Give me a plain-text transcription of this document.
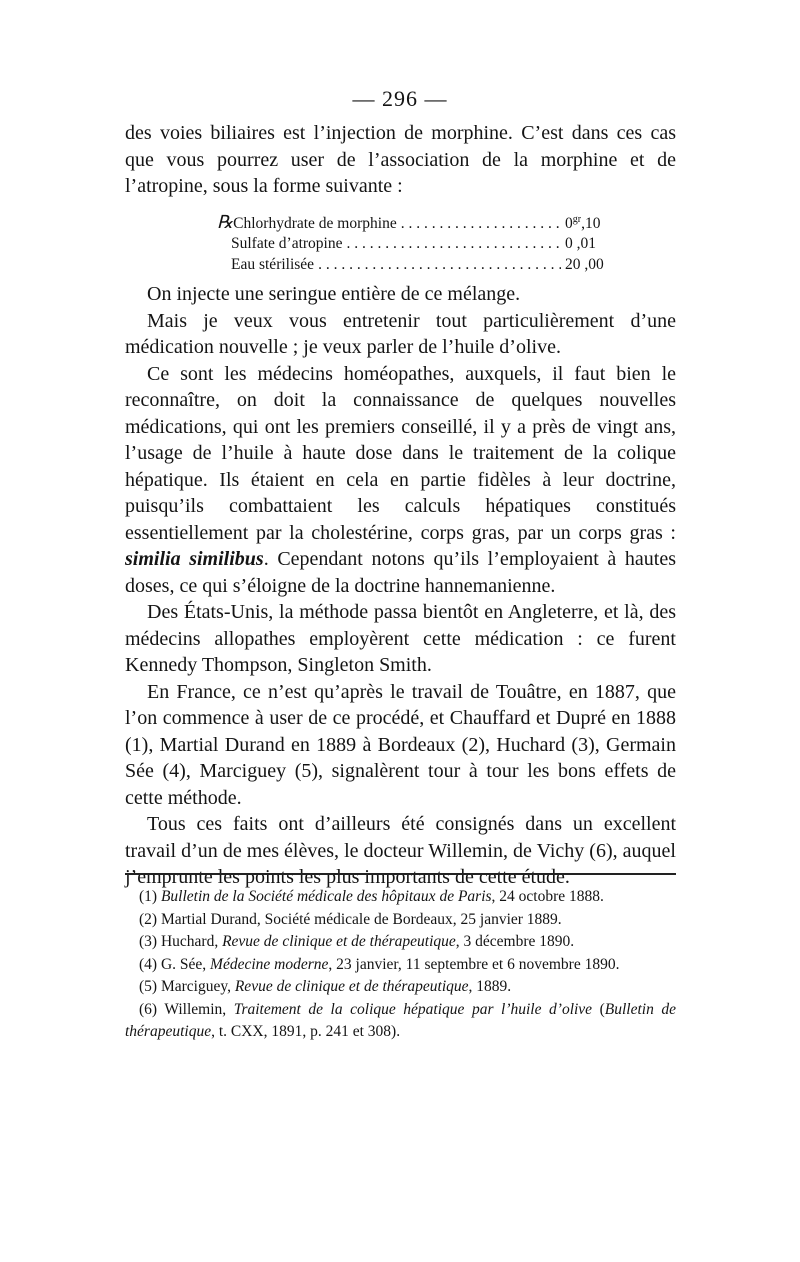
— 296 —

des voies biliaires est l’injection de morphine. C’est dans ces cas que vous pourrez user de l’association de la morphine et de l’atropine, sous la forme suivante :

℞Chlorhydrate de morphine . . .	$0^{gr},10$
Sulfate d’atropine . . .	0 ,01
Eau stérilisée . . .	20 ,00

On injecte une seringue entière de ce mélange.

Mais je veux vous entretenir tout particulièrement d’une médication nouvelle ; je veux parler de l’huile d’olive.

Ce sont les médecins homéopathes, auxquels, il faut bien le reconnaître, on doit la connaissance de quelques nouvelles médications, qui ont les premiers conseillé, il y a près de vingt ans, l’usage de l’huile à haute dose dans le traitement de la colique hépatique. Ils étaient en cela en partie fidèles à leur doctrine, puisqu’ils combattaient les calculs hépatiques constitués essentiellement par la cholestérine, corps gras, par un corps gras : similia similibus. Cependant notons qu’ils l’employaient à hautes doses, ce qui s’éloigne de la doctrine hannemanienne.

Des États-Unis, la méthode passa bientôt en Angleterre, et là, des médecins allopathes employèrent cette médication : ce furent Kennedy Thompson, Singleton Smith.

En France, ce n’est qu’après le travail de Touâtre, en 1887, que l’on commence à user de ce procédé, et Chauffard et Dupré en 1888 (1), Martial Durand en 1889 à Bordeaux (2), Huchard (3), Germain Sée (4), Marciguey (5), signalèrent tour à tour les bons effets de cette méthode.

Tous ces faits ont d’ailleurs été consignés dans un excellent travail d’un de mes élèves, le docteur Willemin, de Vichy (6), auquel j’emprunte les points les plus importants de cette étude.

(1) Bulletin de la Société médicale des hôpitaux de Paris, 24 octobre 1888.

(2) Martial Durand, Société médicale de Bordeaux, 25 janvier 1889.

(3) Huchard, Revue de clinique et de thérapeutique, 3 décembre 1890.

(4) G. Sée, Médecine moderne, 23 janvier, 11 septembre et 6 novembre 1890.

(5) Marciguey, Revue de clinique et de thérapeutique, 1889.

(6) Willemin, Traitement de la colique hépatique par l’huile d’olive (Bulletin de thérapeutique, t. CXX, 1891, p. 241 et 308).
